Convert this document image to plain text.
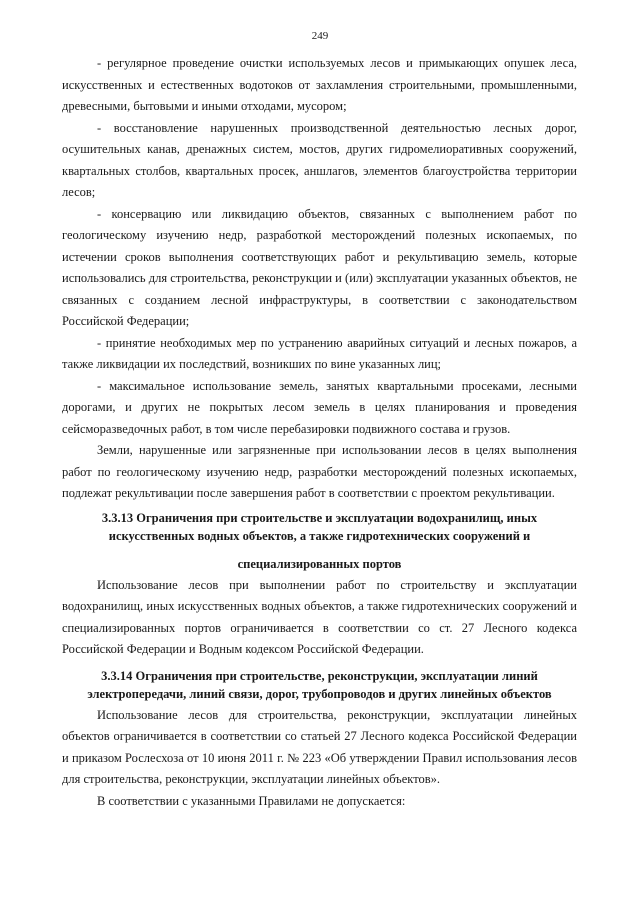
249

- регулярное проведение очистки используемых лесов и примыкающих опушек леса, искусственных и естественных водотоков от захламления строительными, промышленными, древесными, бытовыми и иными отходами, мусором;

- восстановление нарушенных производственной деятельностью лесных дорог, осушительных канав, дренажных систем, мостов, других гидромелиоративных сооружений, квартальных столбов, квартальных просек, аншлагов, элементов благоустройства территории лесов;

- консервацию или ликвидацию объектов, связанных с выполнением работ по геологическому изучению недр, разработкой месторождений полезных ископаемых, по истечении сроков выполнения соответствующих работ и рекультивацию земель, которые использовались для строительства, реконструкции и (или) эксплуатации указанных объектов, не связанных с созданием лесной инфраструктуры, в соответствии с законодательством Российской Федерации;

- принятие необходимых мер по устранению аварийных ситуаций и лесных пожаров, а также ликвидации их последствий, возникших по вине указанных лиц;

- максимальное использование земель, занятых квартальными просеками, лесными дорогами, и других не покрытых лесом земель в целях планирования и проведения сейсморазведочных работ, в том числе перебазировки подвижного состава и грузов.

Земли, нарушенные или загрязненные при использовании лесов в целях выполнения работ по геологическому изучению недр, разработки месторождений полезных ископаемых, подлежат рекультивации после завершения работ в соответствии с проектом рекультивации.

3.3.13 Ограничения при строительстве и эксплуатации водохранилищ, иных искусственных водных объектов, а также гидротехнических сооружений и
специализированных портов

Использование лесов при выполнении работ по строительству и эксплуатации водохранилищ, иных искусственных водных объектов, а также гидротехнических сооружений и специализированных портов ограничивается в соответствии со ст. 27 Лесного кодекса Российской Федерации и Водным кодексом Российской Федерации.

3.3.14 Ограничения при строительстве, реконструкции, эксплуатации линий электропередачи, линий связи, дорог, трубопроводов и других линейных объектов

Использование лесов для строительства, реконструкции, эксплуатации линейных объектов ограничивается в соответствии со статьей 27 Лесного кодекса Российской Федерации и приказом Рослесхоза от 10 июня 2011 г. № 223 «Об утверждении Правил использования лесов для строительства, реконструкции, эксплуатации линейных объектов».

В соответствии с указанными Правилами не допускается:
